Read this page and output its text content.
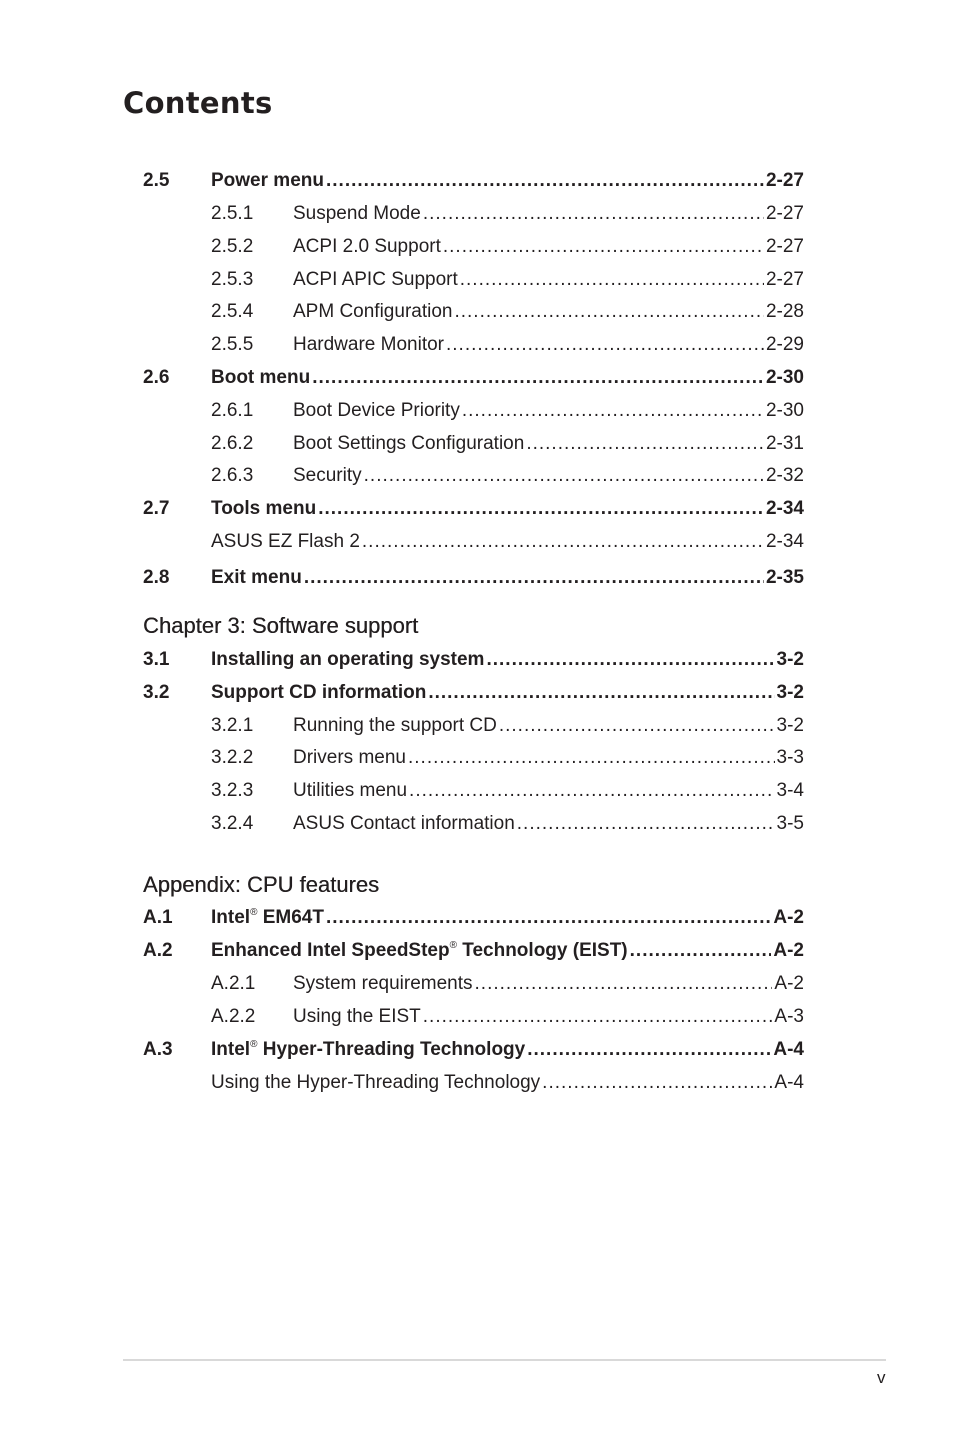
Contents
2.5 Power menu .....	2-27
2.5.1 Suspend Mode .....	2-27
2.5.2 ACPI 2.0 Support .....	2-27
2.5.3 ACPI APIC Support .....	2-27
2.5.4 APM Configuration .....	2-28
2.5.5 Hardware Monitor .....	2-29
2.6 Boot menu .....	2-30
2.6.1 Boot Device Priority .....	2-30
2.6.2 Boot Settings Configuration .....	2-31
2.6.3 Security .....	2-32
2.7 Tools menu .....	2-34
ASUS EZ Flash 2 .....	2-34
2.8 Exit menu .....	2-35
Chapter 3: Software support
3.1 Installing an operating system .....	3-2
3.2 Support CD information .....	3-2
3.2.1 Running the support CD .....	3-2
3.2.2 Drivers menu .....	3-3
3.2.3 Utilities menu .....	3-4
3.2.4 ASUS Contact information .....	3-5
Appendix: CPU features
A.1 Intel® EM64T .....	A-2
A.2 Enhanced Intel SpeedStep® Technology (EIST) .....	A-2
A.2.1 System requirements .....	A-2
A.2.2 Using the EIST .....	A-3
A.3 Intel® Hyper-Threading Technology .....	A-4
Using the Hyper-Threading Technology .....	A-4
v
